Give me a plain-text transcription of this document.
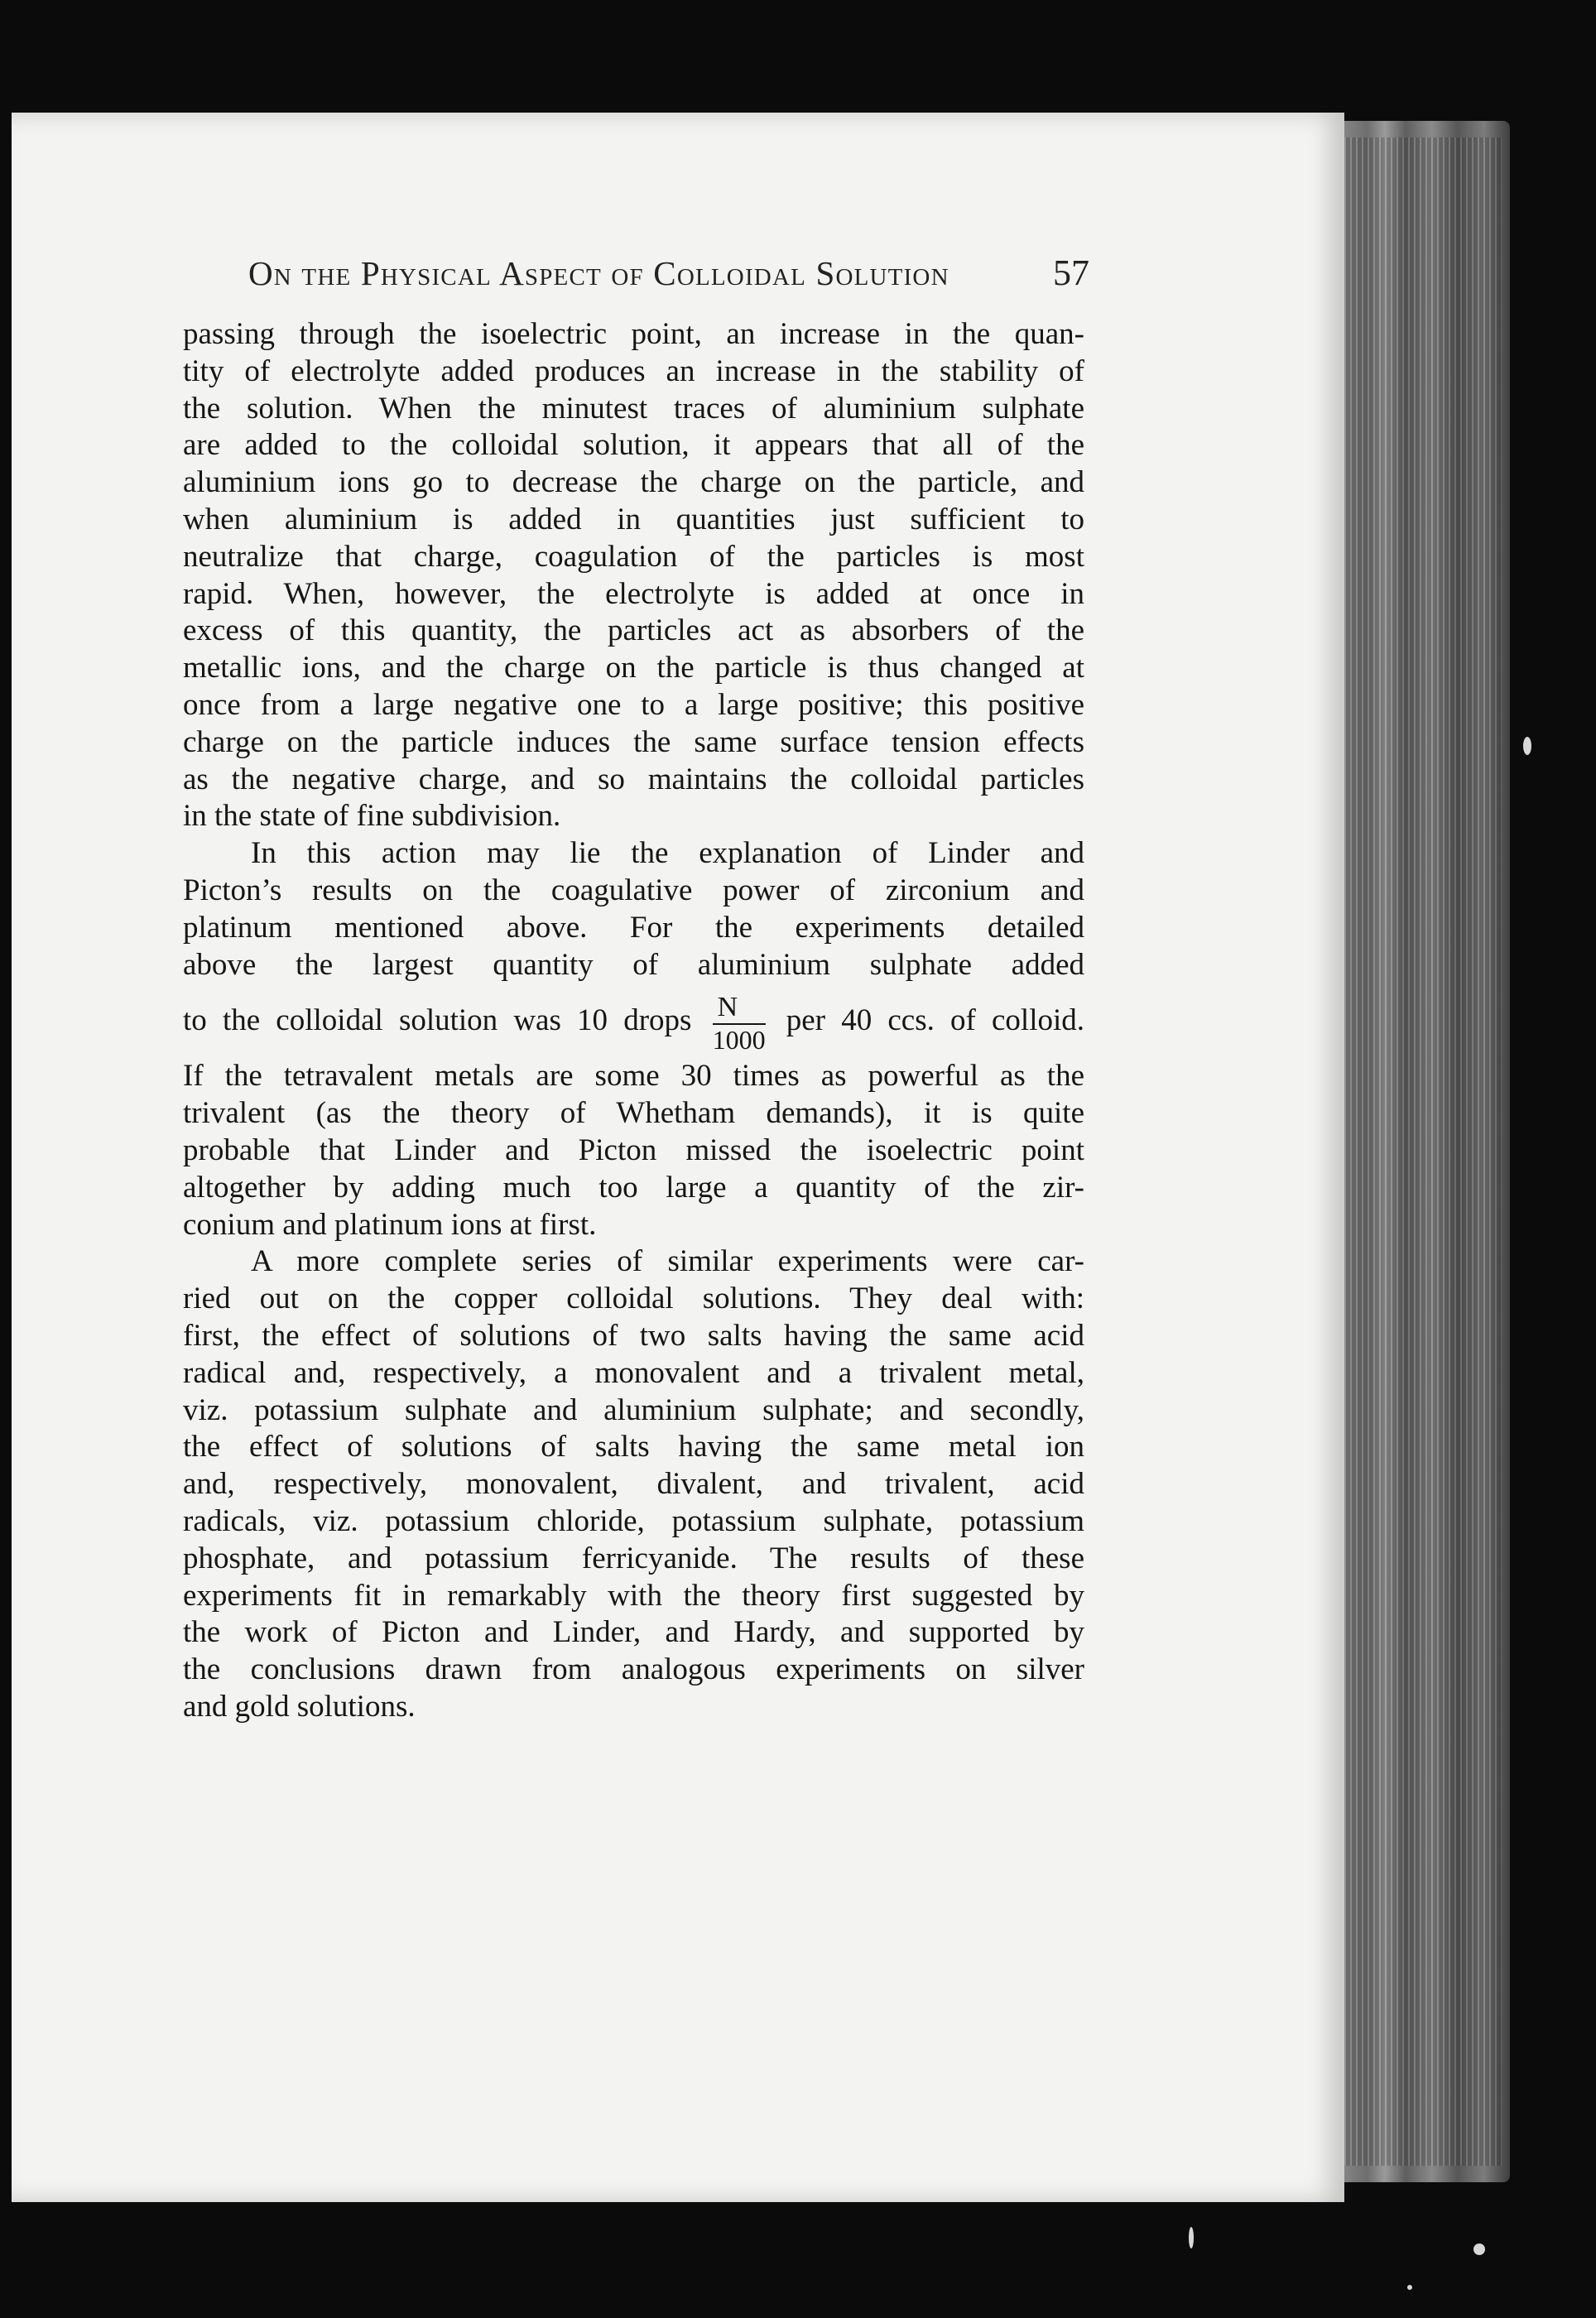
On the Physical Aspect of Colloidal Solution	57
passing through the isoelectric point, an increase in the quan-
tity of electrolyte added produces an increase in the stability of
the solution. When the minutest traces of aluminium sulphate
are added to the colloidal solution, it appears that all of the
aluminium ions go to decrease the charge on the particle, and
when aluminium is added in quantities just sufficient to
neutralize that charge, coagulation of the particles is most
rapid. When, however, the electrolyte is added at once in
excess of this quantity, the particles act as absorbers of the
metallic ions, and the charge on the particle is thus changed at
once from a large negative one to a large positive; this positive
charge on the particle induces the same surface tension effects
as the negative charge, and so maintains the colloidal particles
in the state of fine subdivision.
In this action may lie the explanation of Linder and
Picton’s results on the coagulative power of zirconium and
platinum mentioned above. For the experiments detailed
above the largest quantity of aluminium sulphate added
to the colloidal solution was 10 drops $\frac{N}{1000}$ per 40 ccs. of colloid.
If the tetravalent metals are some 30 times as powerful as the
trivalent (as the theory of Whetham demands), it is quite
probable that Linder and Picton missed the isoelectric point
altogether by adding much too large a quantity of the zir-
conium and platinum ions at first.
A more complete series of similar experiments were car-
ried out on the copper colloidal solutions. They deal with:
first, the effect of solutions of two salts having the same acid
radical and, respectively, a monovalent and a trivalent metal,
viz. potassium sulphate and aluminium sulphate; and secondly,
the effect of solutions of salts having the same metal ion
and, respectively, monovalent, divalent, and trivalent, acid
radicals, viz. potassium chloride, potassium sulphate, potassium
phosphate, and potassium ferricyanide. The results of these
experiments fit in remarkably with the theory first suggested by
the work of Picton and Linder, and Hardy, and supported by
the conclusions drawn from analogous experiments on silver
and gold solutions.
